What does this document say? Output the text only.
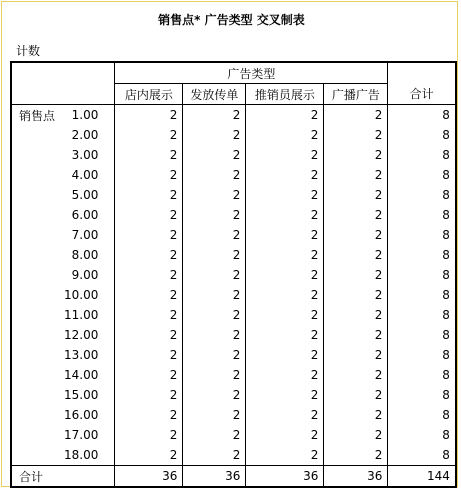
销售点* 广告类型 交叉制表
计数
		广告类型				合计
		店内展示	发放传单	推销员展示	广播广告	
销售点	1.00	2	2	2	2	8
	2.00	2	2	2	2	8
	3.00	2	2	2	2	8
	4.00	2	2	2	2	8
	5.00	2	2	2	2	8
	6.00	2	2	2	2	8
	7.00	2	2	2	2	8
	8.00	2	2	2	2	8
	9.00	2	2	2	2	8
	10.00	2	2	2	2	8
	11.00	2	2	2	2	8
	12.00	2	2	2	2	8
	13.00	2	2	2	2	8
	14.00	2	2	2	2	8
	15.00	2	2	2	2	8
	16.00	2	2	2	2	8
	17.00	2	2	2	2	8
	18.00	2	2	2	2	8
合计		36	36	36	36	144
